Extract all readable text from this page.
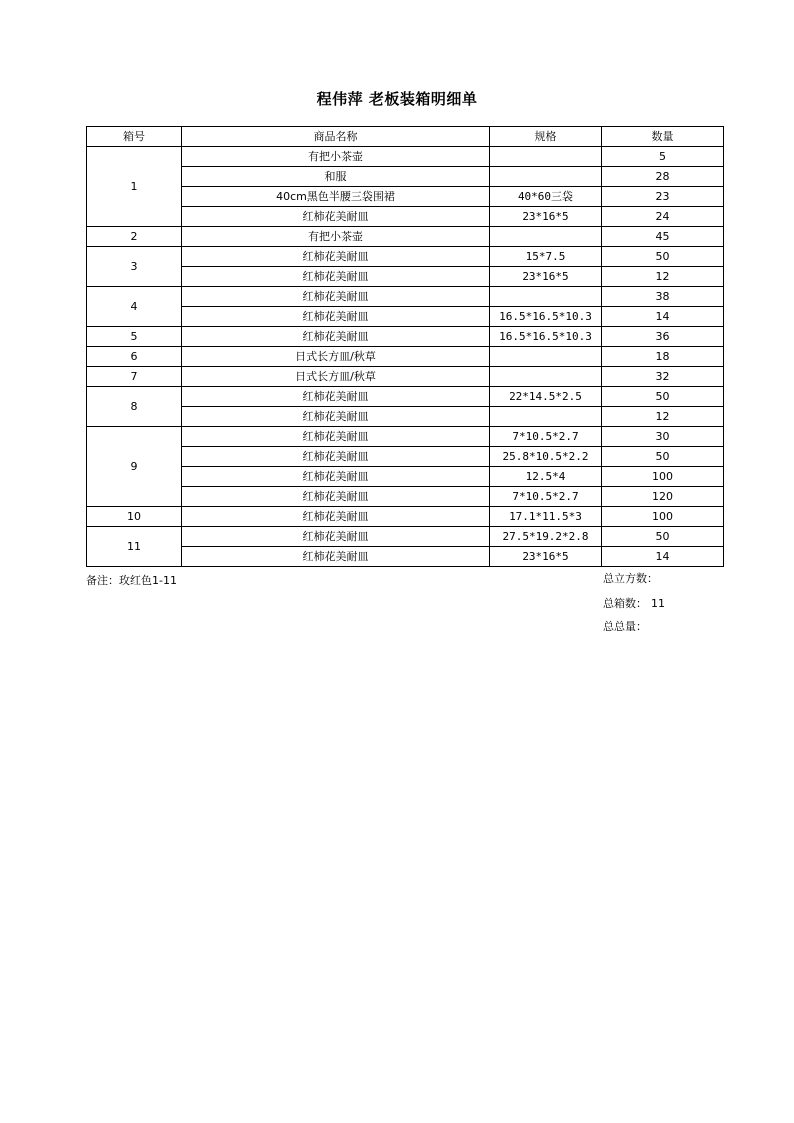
程伟萍 老板装箱明细单
箱号	商品名称	规格	数量
1	有把小茶壶		5
	和服		28
	40cm黑色半腰三袋围裙	40*60三袋	23
	红柿花美耐皿	23*16*5	24
2	有把小茶壶		45
3	红柿花美耐皿	15*7.5	50
	红柿花美耐皿	23*16*5	12
4	红柿花美耐皿		38
	红柿花美耐皿	16.5*16.5*10.3	14
5	红柿花美耐皿	16.5*16.5*10.3	36
6	日式长方皿/秋草		18
7	日式长方皿/秋草		32
8	红柿花美耐皿	22*14.5*2.5	50
	红柿花美耐皿		12
9	红柿花美耐皿	7*10.5*2.7	30
	红柿花美耐皿	25.8*10.5*2.2	50
	红柿花美耐皿	12.5*4	100
	红柿花美耐皿	7*10.5*2.7	120
10	红柿花美耐皿	17.1*11.5*3	100
11	红柿花美耐皿	27.5*19.2*2.8	50
	红柿花美耐皿	23*16*5	14
备注：玫红色1-11	总立方数：
总箱数： 11
总总量：
